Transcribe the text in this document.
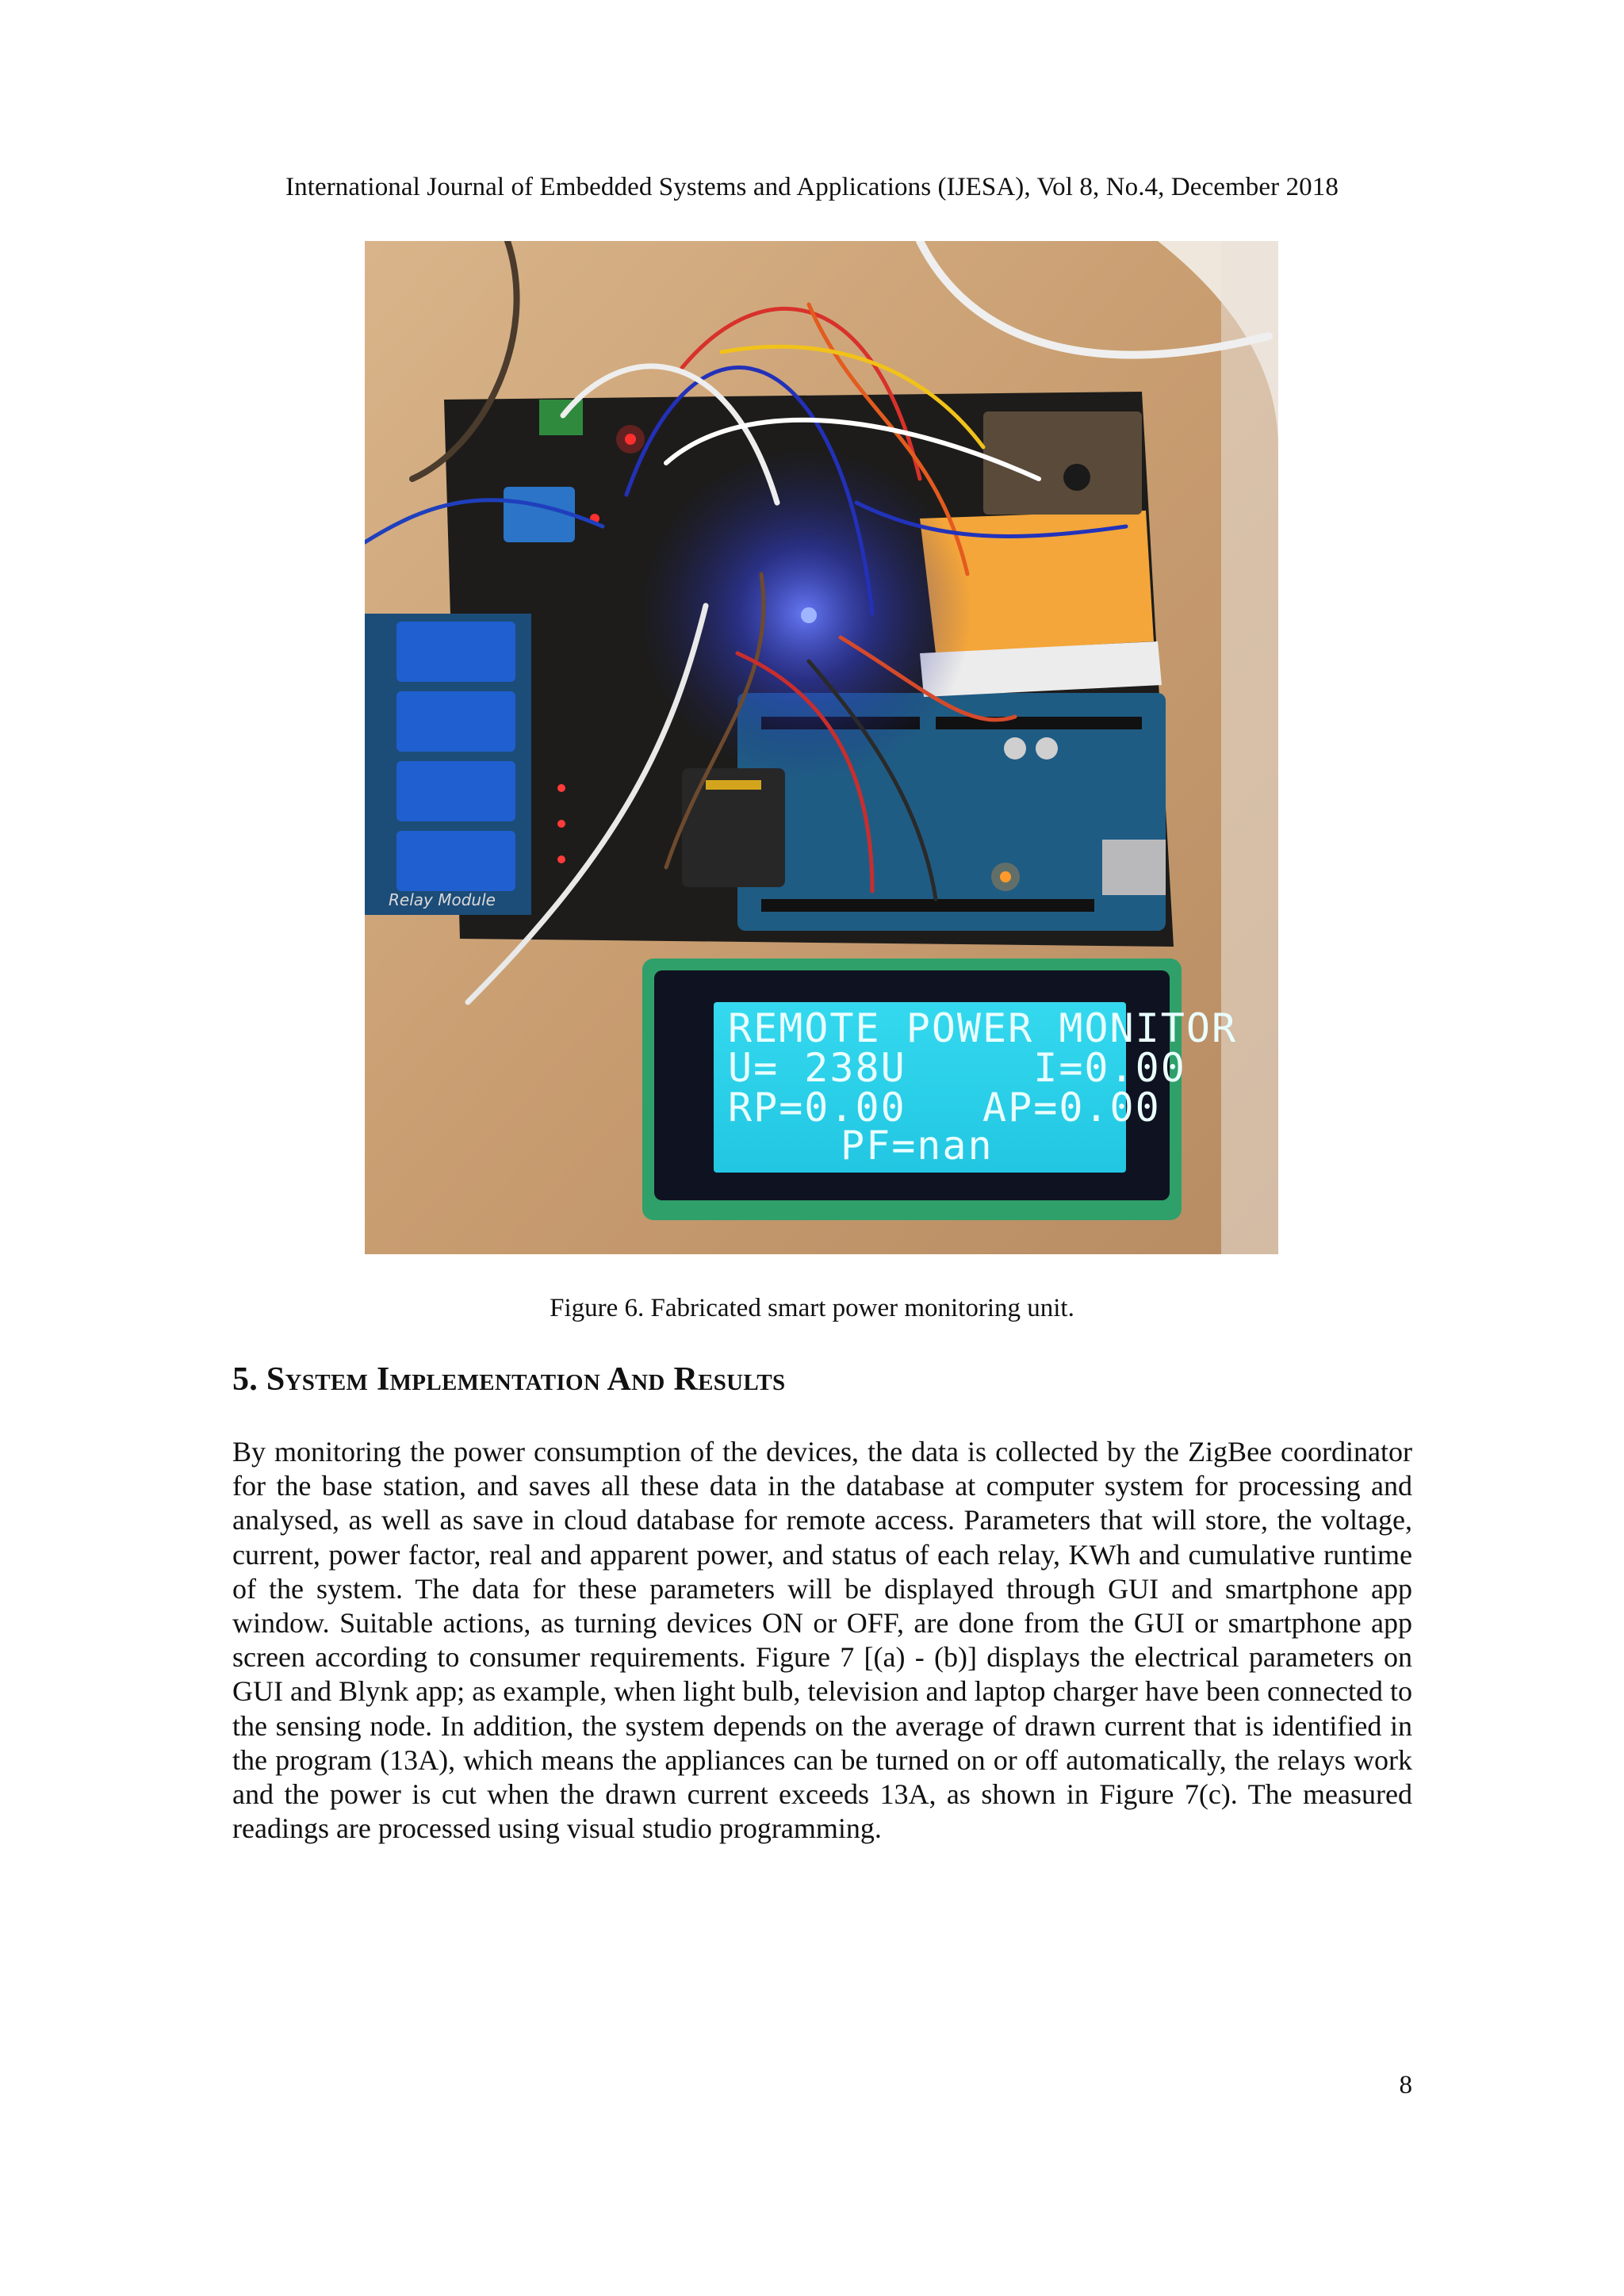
International Journal of Embedded Systems and Applications (IJESA), Vol 8, No.4, December 2018
REMOTE POWER MONITOR
U= 238U     I=0.00
RP=0.00   AP=0.00
PF=nan
Relay Module
Figure 6. Fabricated smart power monitoring unit.
5. System Implementation And Results

By monitoring the power consumption of the devices, the data is collected by the ZigBee coordinator for the base station, and saves all these data in the database at computer system for processing and analysed, as well as save in cloud database for remote access. Parameters that will store, the voltage, current, power factor, real and apparent power, and status of each relay, KWh and cumulative runtime of the system. The data for these parameters will be displayed through GUI and smartphone app window. Suitable actions, as turning devices ON or OFF, are done from the GUI or smartphone app screen according to consumer requirements. Figure 7 [(a) - (b)] displays the electrical parameters on GUI and Blynk app; as example, when light bulb, television and laptop charger have been connected to the sensing node. In addition, the system depends on the average of drawn current that is identified in the program (13A), which means the appliances can be turned on or off automatically, the relays work and the power is cut when the drawn current exceeds 13A, as shown in Figure 7(c). The measured readings are processed using visual studio programming.

8
